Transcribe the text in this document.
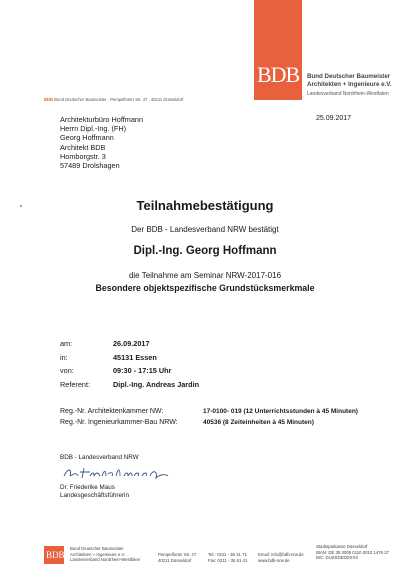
BDB Bund Deutscher Baumeister
Architekten + Ingenieure e.V.
Landesverband Nordrhein-Westfalen
BDB Bund Deutscher Baumeister . Pempelforter Str. 47 . 40211 Düsseldorf
Architekturbüro Hoffmann
Herrn Dipl.-Ing. (FH)
Georg Hoffmann
Architekt BDB
Homborgstr. 3
57489 Drolshagen
25.09.2017
Teilnahmebestätigung
Der BDB - Landesverband NRW bestätigt
Dipl.-Ing. Georg Hoffmann
die Teilnahme am Seminar NRW-2017-016
Besondere objektspezifische Grundstücksmerkmale
am:	26.09.2017
in:	45131 Essen
von:	09:30 - 17:15 Uhr
Referent:	Dipl.-Ing. Andreas Jardin
Reg.-Nr. Architektenkammer NW:	17-0100- 019 (12 Unterrichtsstunden à 45 Minuten)
Reg.-Nr. Ingenieurkammer-Bau NRW:	40536 (8 Zeiteinheiten à 45 Minuten)
BDB - Landesverband NRW
Dr. Friederike Maus
Landesgeschäftsführerin
BDB
Bund Deutscher Baumeister
Architekten + Ingenieure e.V.
Landesverband Nordrhein-Westfalen
Pempelforter Str. 47
40211 Düsseldorf
Tel.: 0211 - 36 31 71
Fax: 0211 - 35 61 41
Email: info@bdb-nrw.de
www.bdb-nrw.de
Stadtsparkasse Düsseldorf
IBAN: DE 35 3005 0110 0010 1476 27
BIC: DUSSDEDDXXX
